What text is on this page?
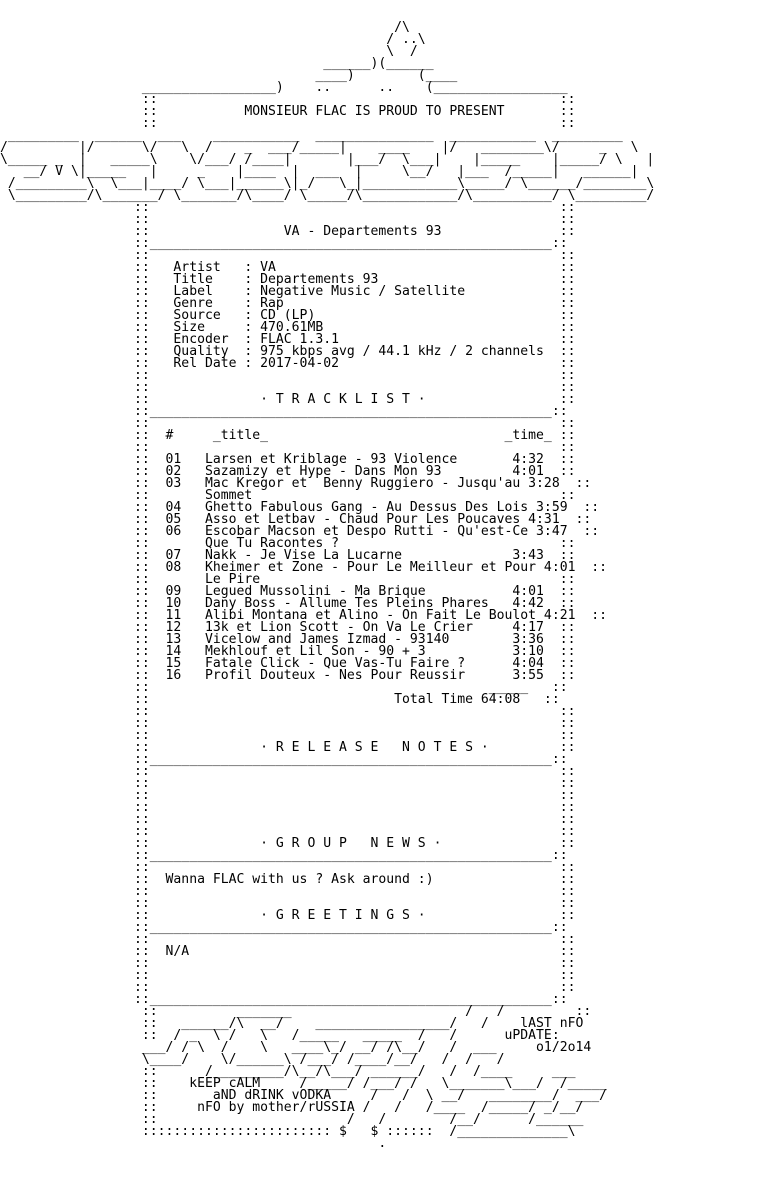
/\
/ ..\
\  /
______)(______
____)        (____
_________________)    ..      ..    (_________________
::                                                   ::
::           MONSIEUR FLAC IS PROUD TO PRESENT       ::
::                                                   ::
_________  ______  ___    ___________  _______________  ___________  _________
/         |/      \/   \  /    _  ___/_____|    ____    |/   ________\/     _   \
\_____ _  |   _____\    \/___/ /____|       |___/  \___|    |_____    |_____/ \   |
__/ V \|_____   |     _    |____  |  ___  |     \__/   |___  /_____|   ______|
/_________\  \___|____/ \___|______\|_/   \_|____________\_____/ \______/________\
\_________/\_______/ \_______/\____/ \_____/\____________/\__________/ \_________/
::                                                    ::
::                                                    ::
::                 VA - Departements 93               ::
::___________________________________________________::
::                                                    ::
::   Artist   : VA                                    ::
::   Title    : Departements 93                       ::
::   Label    : Negative Music / Satellite            ::
::   Genre    : Rap                                   ::
::   Source   : CD (LP)                               ::
::   Size     : 470.61MB                              ::
::   Encoder  : FLAC 1.3.1                            ::
::   Quality  : 975 kbps avg / 44.1 kHz / 2 channels  ::
::   Rel Date : 2017-04-02                            ::
::                                                    ::
::                                                    ::
::              · T R A C K L I S T ·                 ::
::___________________________________________________::
::                                                    ::
::  #     _title_                              _time_ ::
::                                                    ::
::  01   Larsen et Kriblage - 93 Violence       4:32  ::
::  02   Sazamizy et Hype - Dans Mon 93         4:01  ::
::  03   Mac Kregor et  Benny Ruggiero - Jusqu'au 3:28  ::
::       Sommet                                       ::
::  04   Ghetto Fabulous Gang - Au Dessus Des Lois 3:59  ::
::  05   Asso et Letbav - Chaud Pour Les Poucaves 4:31  ::
::  06   Escobar Macson et Despo Rutti - Qu'est-Ce 3:47  ::
::       Que Tu Racontes ?                            ::
::  07   Nakk - Je Vise La Lucarne              3:43  ::
::  08   Kheimer et Zone - Pour Le Meilleur et Pour 4:01  ::
::       Le Pire                                      ::
::  09   Legued Mussolini - Ma Brique           4:01  ::
::  10   Dany Boss - Allume Tes Pleins Phares   4:42  ::
::  11   Alibi Montana et Alino - On Fait Le Boulot 4:21  ::
::  12   13k et Lion Scott - On Va Le Crier     4:17  ::
::  13   Vicelow and James Izmad - 93140        3:36  ::
::  14   Mekhlouf et Lil Son - 90 + 3           3:10  ::
::  15   Fatale Click - Que Vas-Tu Faire ?      4:04  ::
::  16   Profil Douteux - Nes Pour Reussir      3:55  ::
::                                           _____   ::
::                               Total Time 64:08   ::
::                                                    ::
::                                                    ::
::                                                    ::
::              · R E L E A S E   N O T E S ·         ::
::___________________________________________________::
::                                                    ::
::                                                    ::
::                                                    ::
::                                                    ::
::                                                    ::
::                                                    ::
::              · G R O U P   N E W S ·               ::
::___________________________________________________::
::                                                    ::
::  Wanna FLAC with us ? Ask around :)                ::
::                                                    ::
::                                                    ::
::              · G R E E T I N G S ·                 ::
::___________________________________________________::
::                                                    ::
::  N/A                                               ::
::                                                    ::
::                                                    ::
::                                                    ::
::___________________________________________________::
::          _______                      /   /         ::
::   ______/\  __/    _________________/   /    lAST nFO
::  / _  \ /   \   /_____   _____  /   /      uPDATE:
___/ / \  /    \   ____\_/ __/ /\__/   /  ___     o1/2o14
\____/    \/______\ /___/ /____/__/   /  /   /
::      /_________/\__/\___/ ______/   /  /____     ___
::    kEEP cALM     /_____/ /___/ /   \_______\___/  /_____
::       aND dRINK vODKA     /   /  \ __/   ________/  ___/
::     nFO by mother/rUSSIA /   /   /____  /_____/ _/__/
::                        /   /        /__/      /______
:::::::::::::::::::::::: $   $ ::::::  /______________\
.
